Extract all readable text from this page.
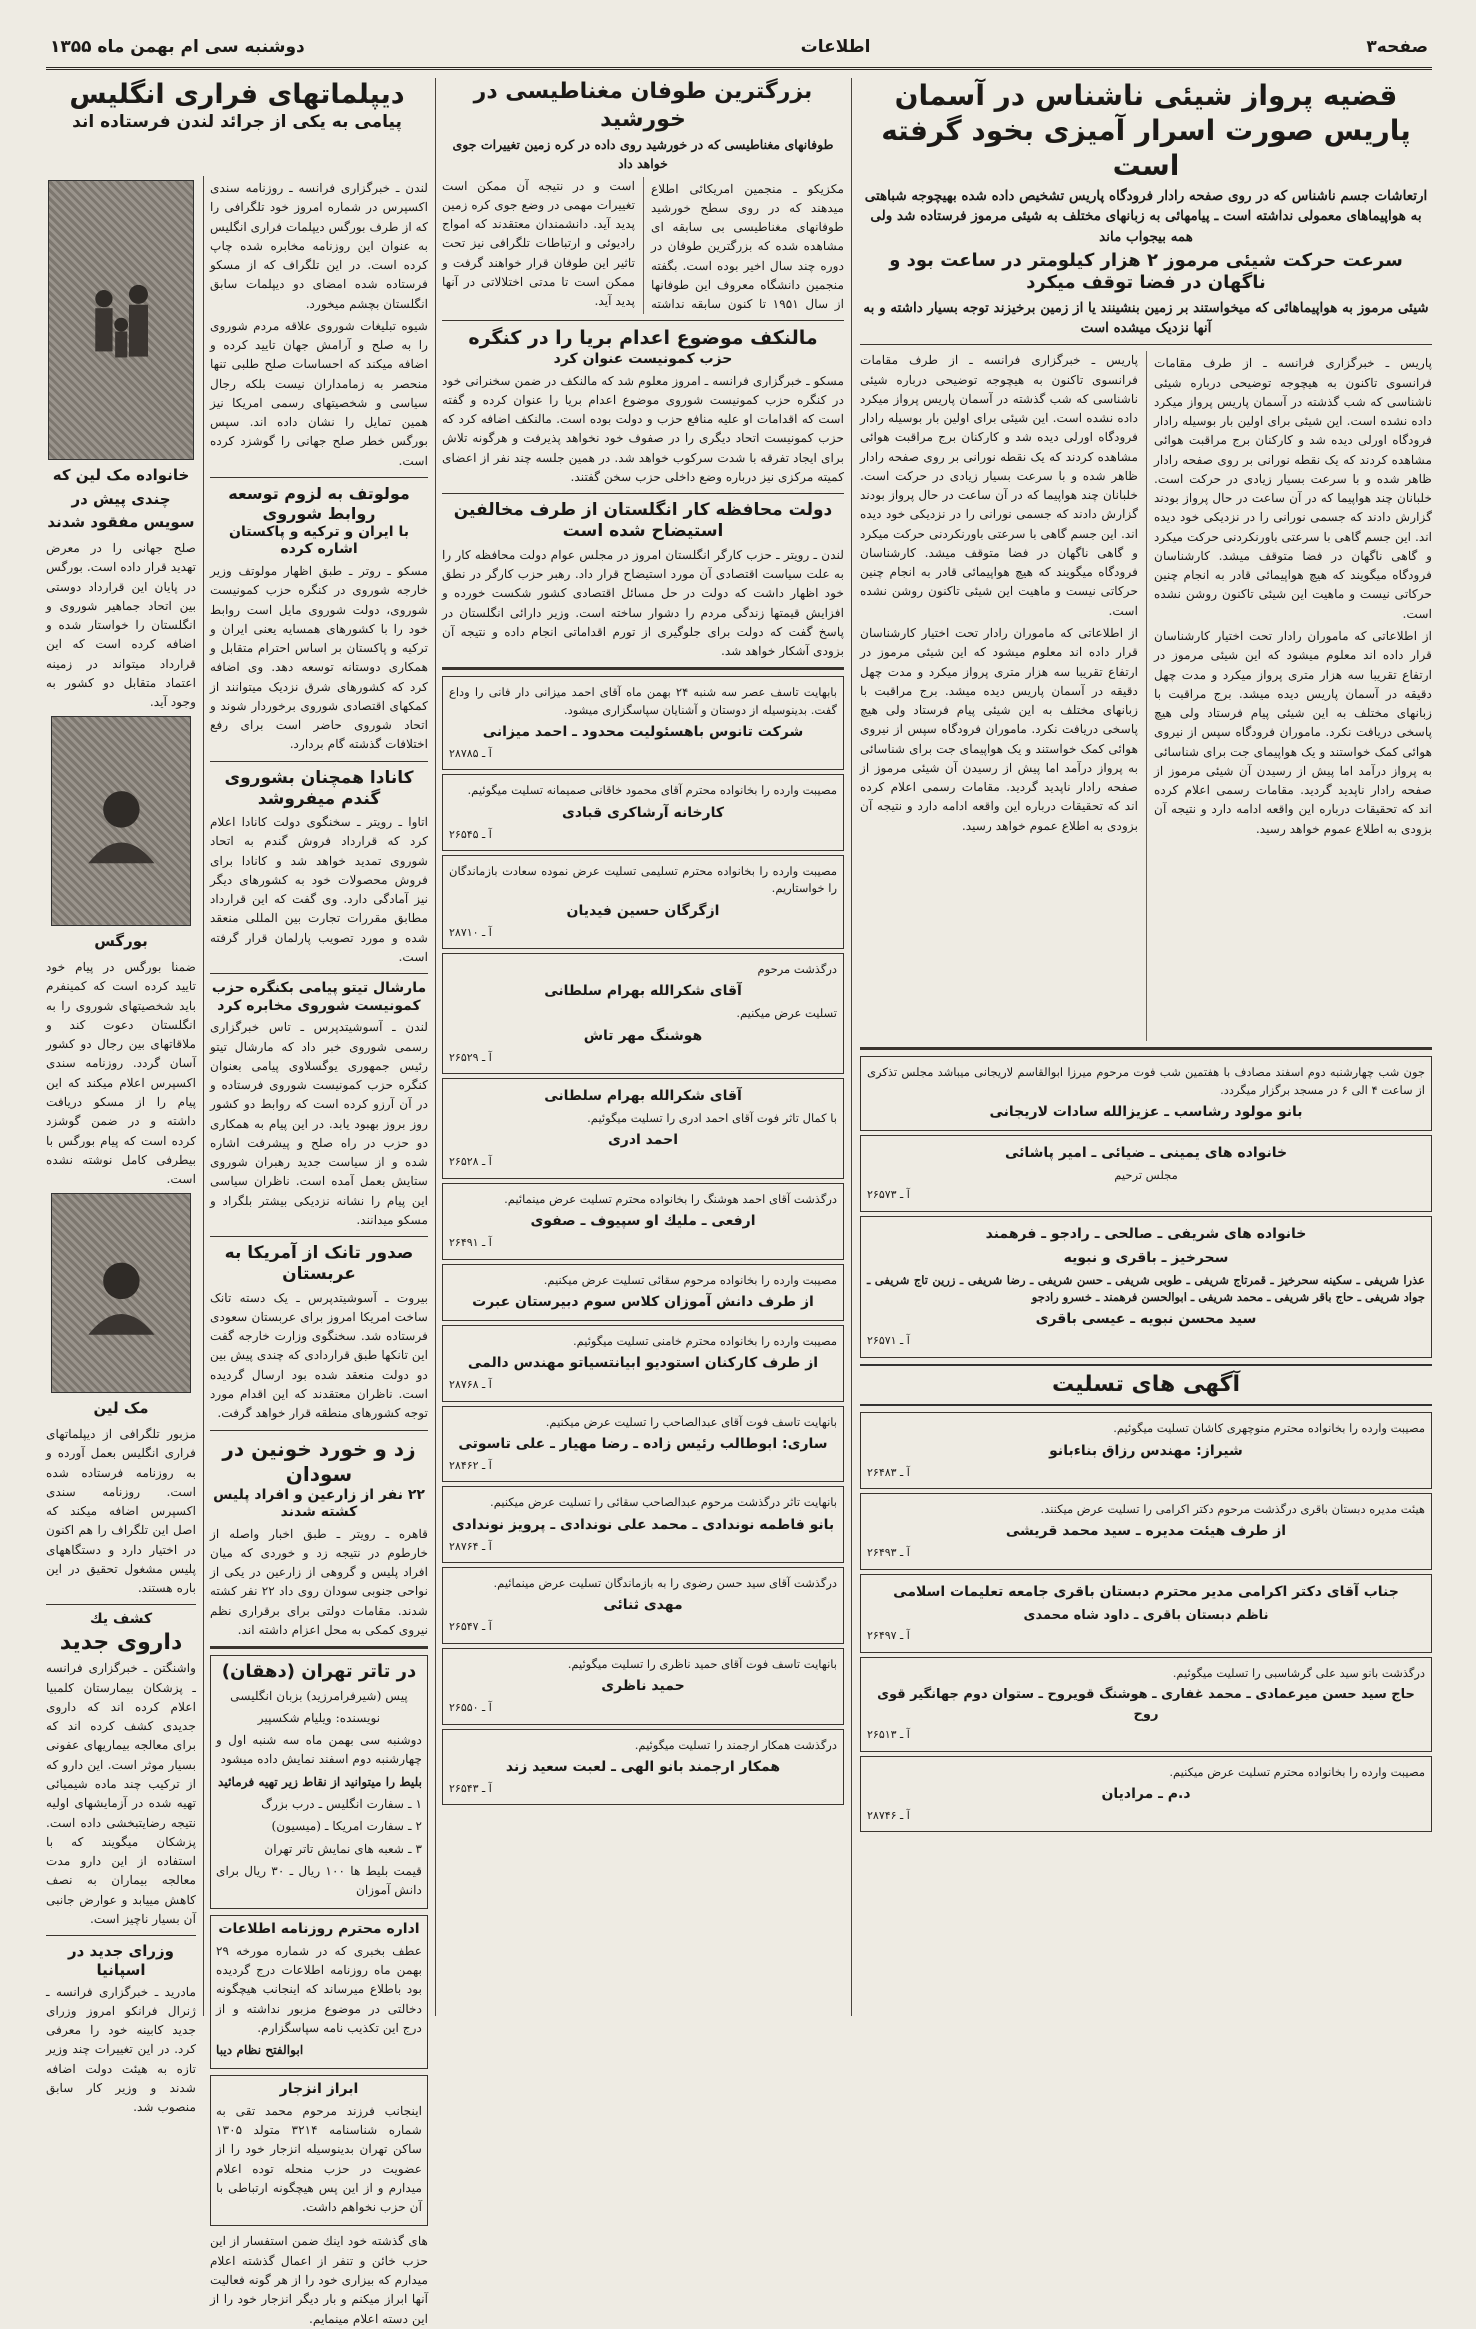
صفحه۳
اطلاعات
دوشنبه سی ام بهمن ماه ۱۳۵۵
قضیه پرواز شیئی ناشناس در آسمان پاریس صورت اسرار آمیزی بخود گرفته است

ارتعاشات جسم ناشناس که در روی صفحه رادار فرودگاه پاریس تشخیص داده شده بهیچوجه شباهتی به هواپیماهای معمولی نداشته است ـ پیامهائی به زبانهای مختلف به شیئی مرموز فرستاده شد ولی همه بیجواب ماند

سرعت حرکت شیئی مرموز ۲ هزار کیلومتر در ساعت بود و ناگهان در فضا توقف میکرد

شیئی مرموز به هواپیماهائی که میخواستند بر زمین بنشینند یا از زمین برخیزند توجه بسیار داشته و به آنها نزدیک میشده است

پاریس ـ خبرگزاری فرانسه ـ از طرف مقامات فرانسوی تاکنون به هیچوجه توضیحی درباره شیئی ناشناسی که شب گذشته در آسمان پاریس پرواز میکرد داده نشده است. این شیئی برای اولین بار بوسیله رادار فرودگاه اورلی دیده شد و کارکنان برج مراقبت هوائی مشاهده کردند که یک نقطه نورانی بر روی صفحه رادار ظاهر شده و با سرعت بسیار زیادی در حرکت است. خلبانان چند هواپیما که در آن ساعت در حال پرواز بودند گزارش دادند که جسمی نورانی را در نزدیکی خود دیده اند. این جسم گاهی با سرعتی باورنکردنی حرکت میکرد و گاهی ناگهان در فضا متوقف میشد. کارشناسان فرودگاه میگویند که هیچ هواپیمائی قادر به انجام چنین حرکاتی نیست و ماهیت این شیئی تاکنون روشن نشده است.

از اطلاعاتی که ماموران رادار تحت اختیار کارشناسان قرار داده اند معلوم میشود که این شیئی مرموز در ارتفاع تقریبا سه هزار متری پرواز میکرد و مدت چهل دقیقه در آسمان پاریس دیده میشد. برج مراقبت با زبانهای مختلف به این شیئی پیام فرستاد ولی هیچ پاسخی دریافت نکرد. ماموران فرودگاه سپس از نیروی هوائی کمک خواستند و یک هواپیمای جت برای شناسائی به پرواز درآمد اما پیش از رسیدن آن شیئی مرموز از صفحه رادار ناپدید گردید. مقامات رسمی اعلام کرده اند که تحقیقات درباره این واقعه ادامه دارد و نتیجه آن بزودی به اطلاع عموم خواهد رسید.

پاریس ـ خبرگزاری فرانسه ـ از طرف مقامات فرانسوی تاکنون به هیچوجه توضیحی درباره شیئی ناشناسی که شب گذشته در آسمان پاریس پرواز میکرد داده نشده است. این شیئی برای اولین بار بوسیله رادار فرودگاه اورلی دیده شد و کارکنان برج مراقبت هوائی مشاهده کردند که یک نقطه نورانی بر روی صفحه رادار ظاهر شده و با سرعت بسیار زیادی در حرکت است. خلبانان چند هواپیما که در آن ساعت در حال پرواز بودند گزارش دادند که جسمی نورانی را در نزدیکی خود دیده اند. این جسم گاهی با سرعتی باورنکردنی حرکت میکرد و گاهی ناگهان در فضا متوقف میشد. کارشناسان فرودگاه میگویند که هیچ هواپیمائی قادر به انجام چنین حرکاتی نیست و ماهیت این شیئی تاکنون روشن نشده است.

از اطلاعاتی که ماموران رادار تحت اختیار کارشناسان قرار داده اند معلوم میشود که این شیئی مرموز در ارتفاع تقریبا سه هزار متری پرواز میکرد و مدت چهل دقیقه در آسمان پاریس دیده میشد. برج مراقبت با زبانهای مختلف به این شیئی پیام فرستاد ولی هیچ پاسخی دریافت نکرد. ماموران فرودگاه سپس از نیروی هوائی کمک خواستند و یک هواپیمای جت برای شناسائی به پرواز درآمد اما پیش از رسیدن آن شیئی مرموز از صفحه رادار ناپدید گردید. مقامات رسمی اعلام کرده اند که تحقیقات درباره این واقعه ادامه دارد و نتیجه آن بزودی به اطلاع عموم خواهد رسید.

جون شب چهارشنبه دوم اسفند مصادف با هفتمین شب فوت مرحوم میرزا ابوالقاسم لاریجانی میباشد مجلس تذکری از ساعت ۴ الی ۶ در مسجد برگزار میگردد.

بانو مولود رشاسب ـ عزیزالله سادات لاریجانی

خانواده های یمینی ـ ضیائی ـ امیر پاشائی

مجلس ترحیم

آ ـ ۲۶۵۷۳

خانواده های شریفی ـ صالحی ـ رادجو ـ فرهمند

سحرخیز ـ باقری و نبویه

عذرا شریفی ـ سکینه سحرخیز ـ قمرتاج شریفی ـ طوبی شریفی ـ حسن شریفی ـ رضا شریفی ـ زرین تاج شریفی ـ جواد شریفی ـ حاج باقر شریفی ـ محمد شریفی ـ ابوالحسن فرهمند ـ خسرو رادجو

سید محسن نبویه ـ عیسی باقری

آ ـ ۲۶۵۷۱

آگهی های تسلیت

مصیبت وارده را بخانواده محترم منوچهری کاشان تسلیت میگوئیم.

شیراز: مهندس رزاق بناءبانو

آ ـ ۲۶۴۸۳

هیئت مدیره دبستان باقری درگذشت مرحوم دکتر اکرامی را تسلیت عرض میکنند.

از طرف هیئت مدیره ـ سید محمد قریشی

آ ـ ۲۶۴۹۳

جناب آقای دکتر اکرامی مدیر محترم دبستان باقری جامعه تعلیمات اسلامی

ناظم دبستان باقری ـ داود شاه محمدی

آ ـ ۲۶۴۹۷

درگذشت بانو سید علی گرشاسبی را تسلیت میگوئیم.

حاج سید حسن میرعمادی ـ محمد غفاری ـ هوشنگ قویروح ـ ستوان دوم جهانگیر قوی روح

آ ـ ۲۶۵۱۳

مصیبت وارده را بخانواده محترم تسلیت عرض میکنیم.

د.م ـ مرادیان

آ ـ ۲۸۷۴۶

بزرگترین طوفان مغناطیسی در خورشید

طوفانهای مغناطیسی که در خورشید روی داده در کره زمین تغییرات جوی خواهد داد

مکزیکو ـ منجمین امریکائی اطلاع میدهند که در روی سطح خورشید طوفانهای مغناطیسی بی سابقه ای مشاهده شده که بزرگترین طوفان در دوره چند سال اخیر بوده است. بگفته منجمین دانشگاه معروف این طوفانها از سال ۱۹۵۱ تا کنون سابقه نداشته است و در نتیجه آن ممکن است تغییرات مهمی در وضع جوی کره زمین پدید آید. دانشمندان معتقدند که امواج رادیوئی و ارتباطات تلگرافی نیز تحت تاثیر این طوفان قرار خواهند گرفت و ممکن است تا مدتی اختلالاتی در آنها پدید آید.

مالنکف موضوع اعدام بریا را در کنگره
حزب کمونیست عنوان کرد

مسکو ـ خبرگزاری فرانسه ـ امروز معلوم شد که مالنکف در ضمن سخنرانی خود در کنگره حزب کمونیست شوروی موضوع اعدام بریا را عنوان کرده و گفته است که اقدامات او علیه منافع حزب و دولت بوده است. مالنکف اضافه کرد که حزب کمونیست اتحاد دیگری را در صفوف خود نخواهد پذیرفت و هرگونه تلاش برای ایجاد تفرقه با شدت سرکوب خواهد شد. در همین جلسه چند نفر از اعضای کمیته مرکزی نیز درباره وضع داخلی حزب سخن گفتند.

دولت محافظه کار انگلستان از طرف مخالفین استیضاح شده است

لندن ـ رویتر ـ حزب کارگر انگلستان امروز در مجلس عوام دولت محافظه کار را به علت سیاست اقتصادی آن مورد استیضاح قرار داد. رهبر حزب کارگر در نطق خود اظهار داشت که دولت در حل مسائل اقتصادی کشور شکست خورده و افزایش قیمتها زندگی مردم را دشوار ساخته است. وزیر دارائی انگلستان در پاسخ گفت که دولت برای جلوگیری از تورم اقداماتی انجام داده و نتیجه آن بزودی آشکار خواهد شد.

بابهایت تاسف عصر سه شنبه ۲۴ بهمن ماه آقای احمد میزانی دار فانی را وداع گفت. بدینوسیله از دوستان و آشنایان سپاسگزاری میشود.

شرکت تانوس باهسئولیت محدود ـ احمد میزانی

آ ـ ۲۸۷۸۵

مصیبت وارده را بخانواده محترم آقای محمود خاقانی صمیمانه تسلیت میگوئیم.

کارخانه آرشاکری قبادی

آ ـ ۲۶۵۴۵

مصیبت وارده را بخانواده محترم تسلیمی تسلیت عرض نموده سعادت بازماندگان را خواستاریم.

ازگرگان حسین فیدیان

آ ـ ۲۸۷۱۰

درگذشت مرحوم

آقای شکرالله بهرام سلطانی

تسلیت عرض میکنیم.

هوشنگ مهر تاش

آ ـ ۲۶۵۲۹

آقای شکرالله بهرام سلطانی

با کمال تاثر فوت آقای احمد ادری را تسلیت میگوئیم.

احمد ادری

آ ـ ۲۶۵۲۸

درگذشت آقای احمد هوشنگ را بخانواده محترم تسلیت عرض مینمائیم.

ارفعی ـ ملیك او سپیوف ـ صفوی

آ ـ ۲۶۴۹۱

مصیبت وارده را بخانواده مرحوم سقائی تسلیت عرض میکنیم.

از طرف دانش آموزان کلاس سوم دبیرستان عبرت

مصیبت وارده را بخانواده محترم خامنی تسلیت میگوئیم.

از طرف کارکنان استودیو ابیانتسیاتو مهندس دالمی

آ ـ ۲۸۷۶۸

بانهایت تاسف فوت آقای عبدالصاحب را تسلیت عرض میکنیم.

ساری: ابوطالب رئیس زاده ـ رضا مهیار ـ علی تاسوتی

آ ـ ۲۸۴۶۲

بانهایت تاثر درگذشت مرحوم عبدالصاحب سقائی را تسلیت عرض میکنیم.

بانو فاطمه نوندادی ـ محمد علی نوندادی ـ پرویز نوندادی

آ ـ ۲۸۷۶۴

درگذشت آقای سید حسن رضوی را به بازماندگان تسلیت عرض مینمائیم.

مهدی ثنائی

آ ـ ۲۶۵۴۷

بانهایت تاسف فوت آقای حمید ناظری را تسلیت میگوئیم.

حمید ناظری

آ ـ ۲۶۵۵۰

درگذشت همکار ارجمند را تسلیت میگوئیم.

همکار ارجمند بانو الهی ـ لعبت سعید زند

آ ـ ۲۶۵۴۳

دیپلماتهای فراری انگلیس
پیامی به یکی از جرائد لندن فرستاده اند

لندن ـ خبرگزاری فرانسه ـ روزنامه سندی اکسپرس در شماره امروز خود تلگرافی را که از طرف بورگس دیپلمات فراری انگلیس به عنوان این روزنامه مخابره شده چاپ کرده است. در این تلگراف که از مسکو فرستاده شده امضای دو دیپلمات سابق انگلستان بچشم میخورد.

شیوه تبلیغات شوروی علاقه مردم شوروی را به صلح و آرامش جهان تایید کرده و اضافه میکند که احساسات صلح طلبی تنها منحصر به زمامداران نیست بلکه رجال سیاسی و شخصیتهای رسمی امریکا نیز همین تمایل را نشان داده اند. سپس بورگس خطر صلح جهانی را گوشزد کرده است.

مولوتف به لزوم توسعه روابط شوروی
با ایران و ترکیه و پاکستان اشاره کرده

مسکو ـ روتر ـ طبق اظهار مولوتف وزیر خارجه شوروی در کنگره حزب کمونیست شوروی، دولت شوروی مایل است روابط خود را با کشورهای همسایه یعنی ایران و ترکیه و پاکستان بر اساس احترام متقابل و همکاری دوستانه توسعه دهد. وی اضافه کرد که کشورهای شرق نزدیک میتوانند از کمکهای اقتصادی شوروی برخوردار شوند و اتحاد شوروی حاضر است برای رفع اختلافات گذشته گام بردارد.

کانادا همچنان بشوروی گندم میفروشد

اتاوا ـ رویتر ـ سخنگوی دولت کانادا اعلام کرد که قرارداد فروش گندم به اتحاد شوروی تمدید خواهد شد و کانادا برای فروش محصولات خود به کشورهای دیگر نیز آمادگی دارد. وی گفت که این قرارداد مطابق مقررات تجارت بین المللی منعقد شده و مورد تصویب پارلمان قرار گرفته است.

مارشال تیتو پیامی بکنگره حزب کمونیست شوروی مخابره کرد

لندن ـ آسوشیتدپرس ـ تاس خبرگزاری رسمی شوروی خبر داد که مارشال تیتو رئیس جمهوری یوگسلاوی پیامی بعنوان کنگره حزب کمونیست شوروی فرستاده و در آن آرزو کرده است که روابط دو کشور روز بروز بهبود یابد. در این پیام به همکاری دو حزب در راه صلح و پیشرفت اشاره شده و از سیاست جدید رهبران شوروی ستایش بعمل آمده است. ناظران سیاسی این پیام را نشانه نزدیکی بیشتر بلگراد و مسکو میدانند.

صدور تانک از آمریکا به عربستان

بیروت ـ آسوشیتدپرس ـ یک دسته تانک ساخت امریکا امروز برای عربستان سعودی فرستاده شد. سخنگوی وزارت خارجه گفت این تانکها طبق قراردادی که چندی پیش بین دو دولت منعقد شده بود ارسال گردیده است. ناظران معتقدند که این اقدام مورد توجه کشورهای منطقه قرار خواهد گرفت.

زد و خورد خونین در سودان
۲۲ نفر از زارعین و افراد پلیس کشته شدند

قاهره ـ رویتر ـ طبق اخبار واصله از خارطوم در نتیجه زد و خوردی که میان افراد پلیس و گروهی از زارعین در یکی از نواحی جنوبی سودان روی داد ۲۲ نفر کشته شدند. مقامات دولتی برای برقراری نظم نیروی کمکی به محل اعزام داشته اند.

در تاتر تهران (دهقان)

پیس (شیرفرامرزید) بزبان انگلیسی

نویسنده: ویلیام شکسپیر

دوشنبه سی بهمن ماه سه شنبه اول و چهارشنبه دوم اسفند نمایش داده میشود

بلیط را میتوانید از نقاط زیر تهیه فرمائید

۱ ـ سفارت انگلیس ـ درب بزرگ

۲ ـ سفارت امریکا ـ (میسیون)

۳ ـ شعبه های نمایش تاتر تهران

قیمت بلیط ها ۱۰۰ ریال ـ ۳۰ ریال برای دانش آموزان

اداره محترم روزنامه اطلاعات

عطف بخبری که در شماره مورخه ۲۹ بهمن ماه روزنامه اطلاعات درج گردیده بود باطلاع میرساند که اینجانب هیچگونه دخالتی در موضوع مزبور نداشته و از درج این تکذیب نامه سپاسگزارم.

ابوالفتح نظام دیبا

ابراز انزجار

اینجانب فرزند مرحوم محمد تقی به شماره شناسنامه ۳۲۱۴ متولد ۱۳۰۵ ساکن تهران بدینوسیله انزجار خود را از عضویت در حزب منحله توده اعلام میدارم و از این پس هیچگونه ارتباطی با آن حزب نخواهم داشت.

های گذشته خود اینك ضمن استفسار از این حزب خائن و تنفر از اعمال گذشته اعلام میدارم که بیزاری خود را از هر گونه فعالیت آنها ابراز میکنم و بار دیگر انزجار خود را از این دسته اعلام مینمایم.

خانواده مک لین که چندی پیش در سویس مفقود شدند

صلح جهانی را در معرض تهدید قرار داده است. بورگس در پایان این قرارداد دوستی بین اتحاد جماهیر شوروی و انگلستان را خواستار شده و اضافه کرده است که این قرارداد میتواند در زمینه اعتماد متقابل دو کشور به وجود آید.

بورگس

ضمنا بورگس در پیام خود تایید کرده است که کمینفرم باید شخصیتهای شوروی را به انگلستان دعوت کند و ملاقاتهای بین رجال دو کشور آسان گردد. روزنامه سندی اکسپرس اعلام میکند که این پیام را از مسکو دریافت داشته و در ضمن گوشزد کرده است که پیام بورگس با بیطرفی کامل نوشته نشده است.

مک لین

مزبور تلگرافی از دیپلماتهای فراری انگلیس بعمل آورده و به روزنامه فرستاده شده است. روزنامه سندی اکسپرس اضافه میکند که اصل این تلگراف را هم اکنون در اختیار دارد و دستگاههای پلیس مشغول تحقیق در این باره هستند.

کشف یك
داروی جدید

واشنگتن ـ خبرگزاری فرانسه ـ پزشکان بیمارستان کلمبیا اعلام کرده اند که داروی جدیدی کشف کرده اند که برای معالجه بیماریهای عفونی بسیار موثر است. این دارو که از ترکیب چند ماده شیمیائی تهیه شده در آزمایشهای اولیه نتیجه رضایتبخشی داده است. پزشکان میگویند که با استفاده از این دارو مدت معالجه بیماران به نصف کاهش مییابد و عوارض جانبی آن بسیار ناچیز است.

وزرای جدید در اسپانیا

مادرید ـ خبرگزاری فرانسه ـ ژنرال فرانکو امروز وزرای جدید کابینه خود را معرفی کرد. در این تغییرات چند وزیر تازه به هیئت دولت اضافه شدند و وزیر کار سابق منصوب شد.
